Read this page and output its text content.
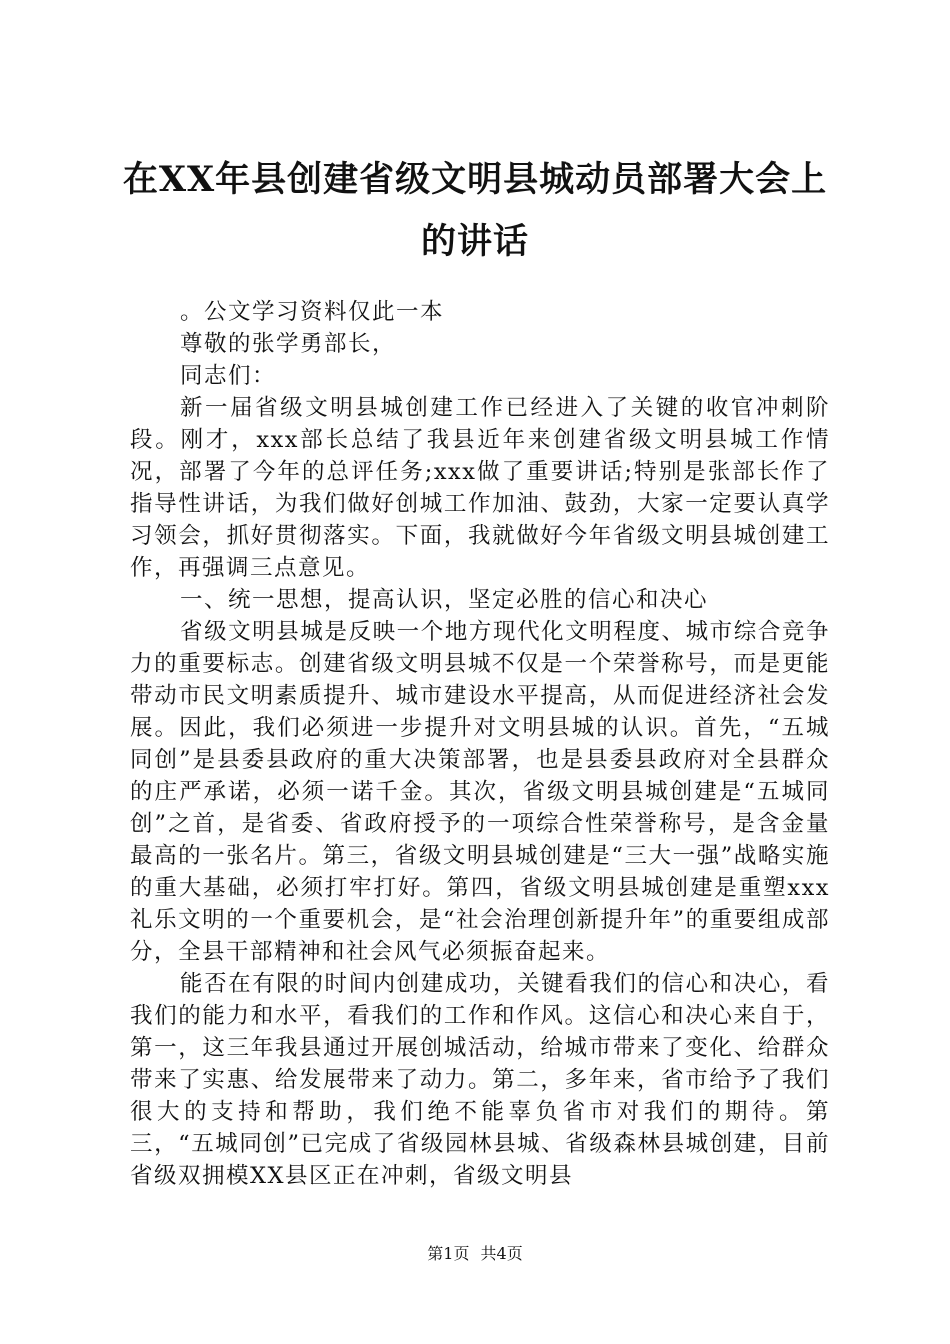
在XX年县创建省级文明县城动员部署大会上
的讲话

。公文学习资料仅此一本

尊敬的张学勇部长，

同志们：

新一届省级文明县城创建工作已经进入了关键的收官冲刺阶段。刚才，xxx部长总结了我县近年来创建省级文明县城工作情况，部署了今年的总评任务;xxx做了重要讲话;特别是张部长作了指导性讲话，为我们做好创城工作加油、鼓劲，大家一定要认真学习领会，抓好贯彻落实。下面，我就做好今年省级文明县城创建工作，再强调三点意见。

一、统一思想，提高认识，坚定必胜的信心和决心

省级文明县城是反映一个地方现代化文明程度、城市综合竞争力的重要标志。创建省级文明县城不仅是一个荣誉称号，而是更能带动市民文明素质提升、城市建设水平提高，从而促进经济社会发展。因此，我们必须进一步提升对文明县城的认识。首先，“五城同创”是县委县政府的重大决策部署，也是县委县政府对全县群众的庄严承诺，必须一诺千金。其次，省级文明县城创建是“五城同创”之首，是省委、省政府授予的一项综合性荣誉称号，是含金量最高的一张名片。第三，省级文明县城创建是“三大一强”战略实施的重大基础，必须打牢打好。第四，省级文明县城创建是重塑xxx礼乐文明的一个重要机会，是“社会治理创新提升年”的重要组成部分，全县干部精神和社会风气必须振奋起来。

能否在有限的时间内创建成功，关键看我们的信心和决心，看我们的能力和水平，看我们的工作和作风。这信心和决心来自于，第一，这三年我县通过开展创城活动，给城市带来了变化、给群众带来了实惠、给发展带来了动力。第二，多年来，省市给予了我们很大的支持和帮助，我们绝不能辜负省市对我们的期待。第三，“五城同创”已完成了省级园林县城、省级森林县城创建，目前省级双拥模XX县区正在冲刺，省级文明县

第1页 共4页
